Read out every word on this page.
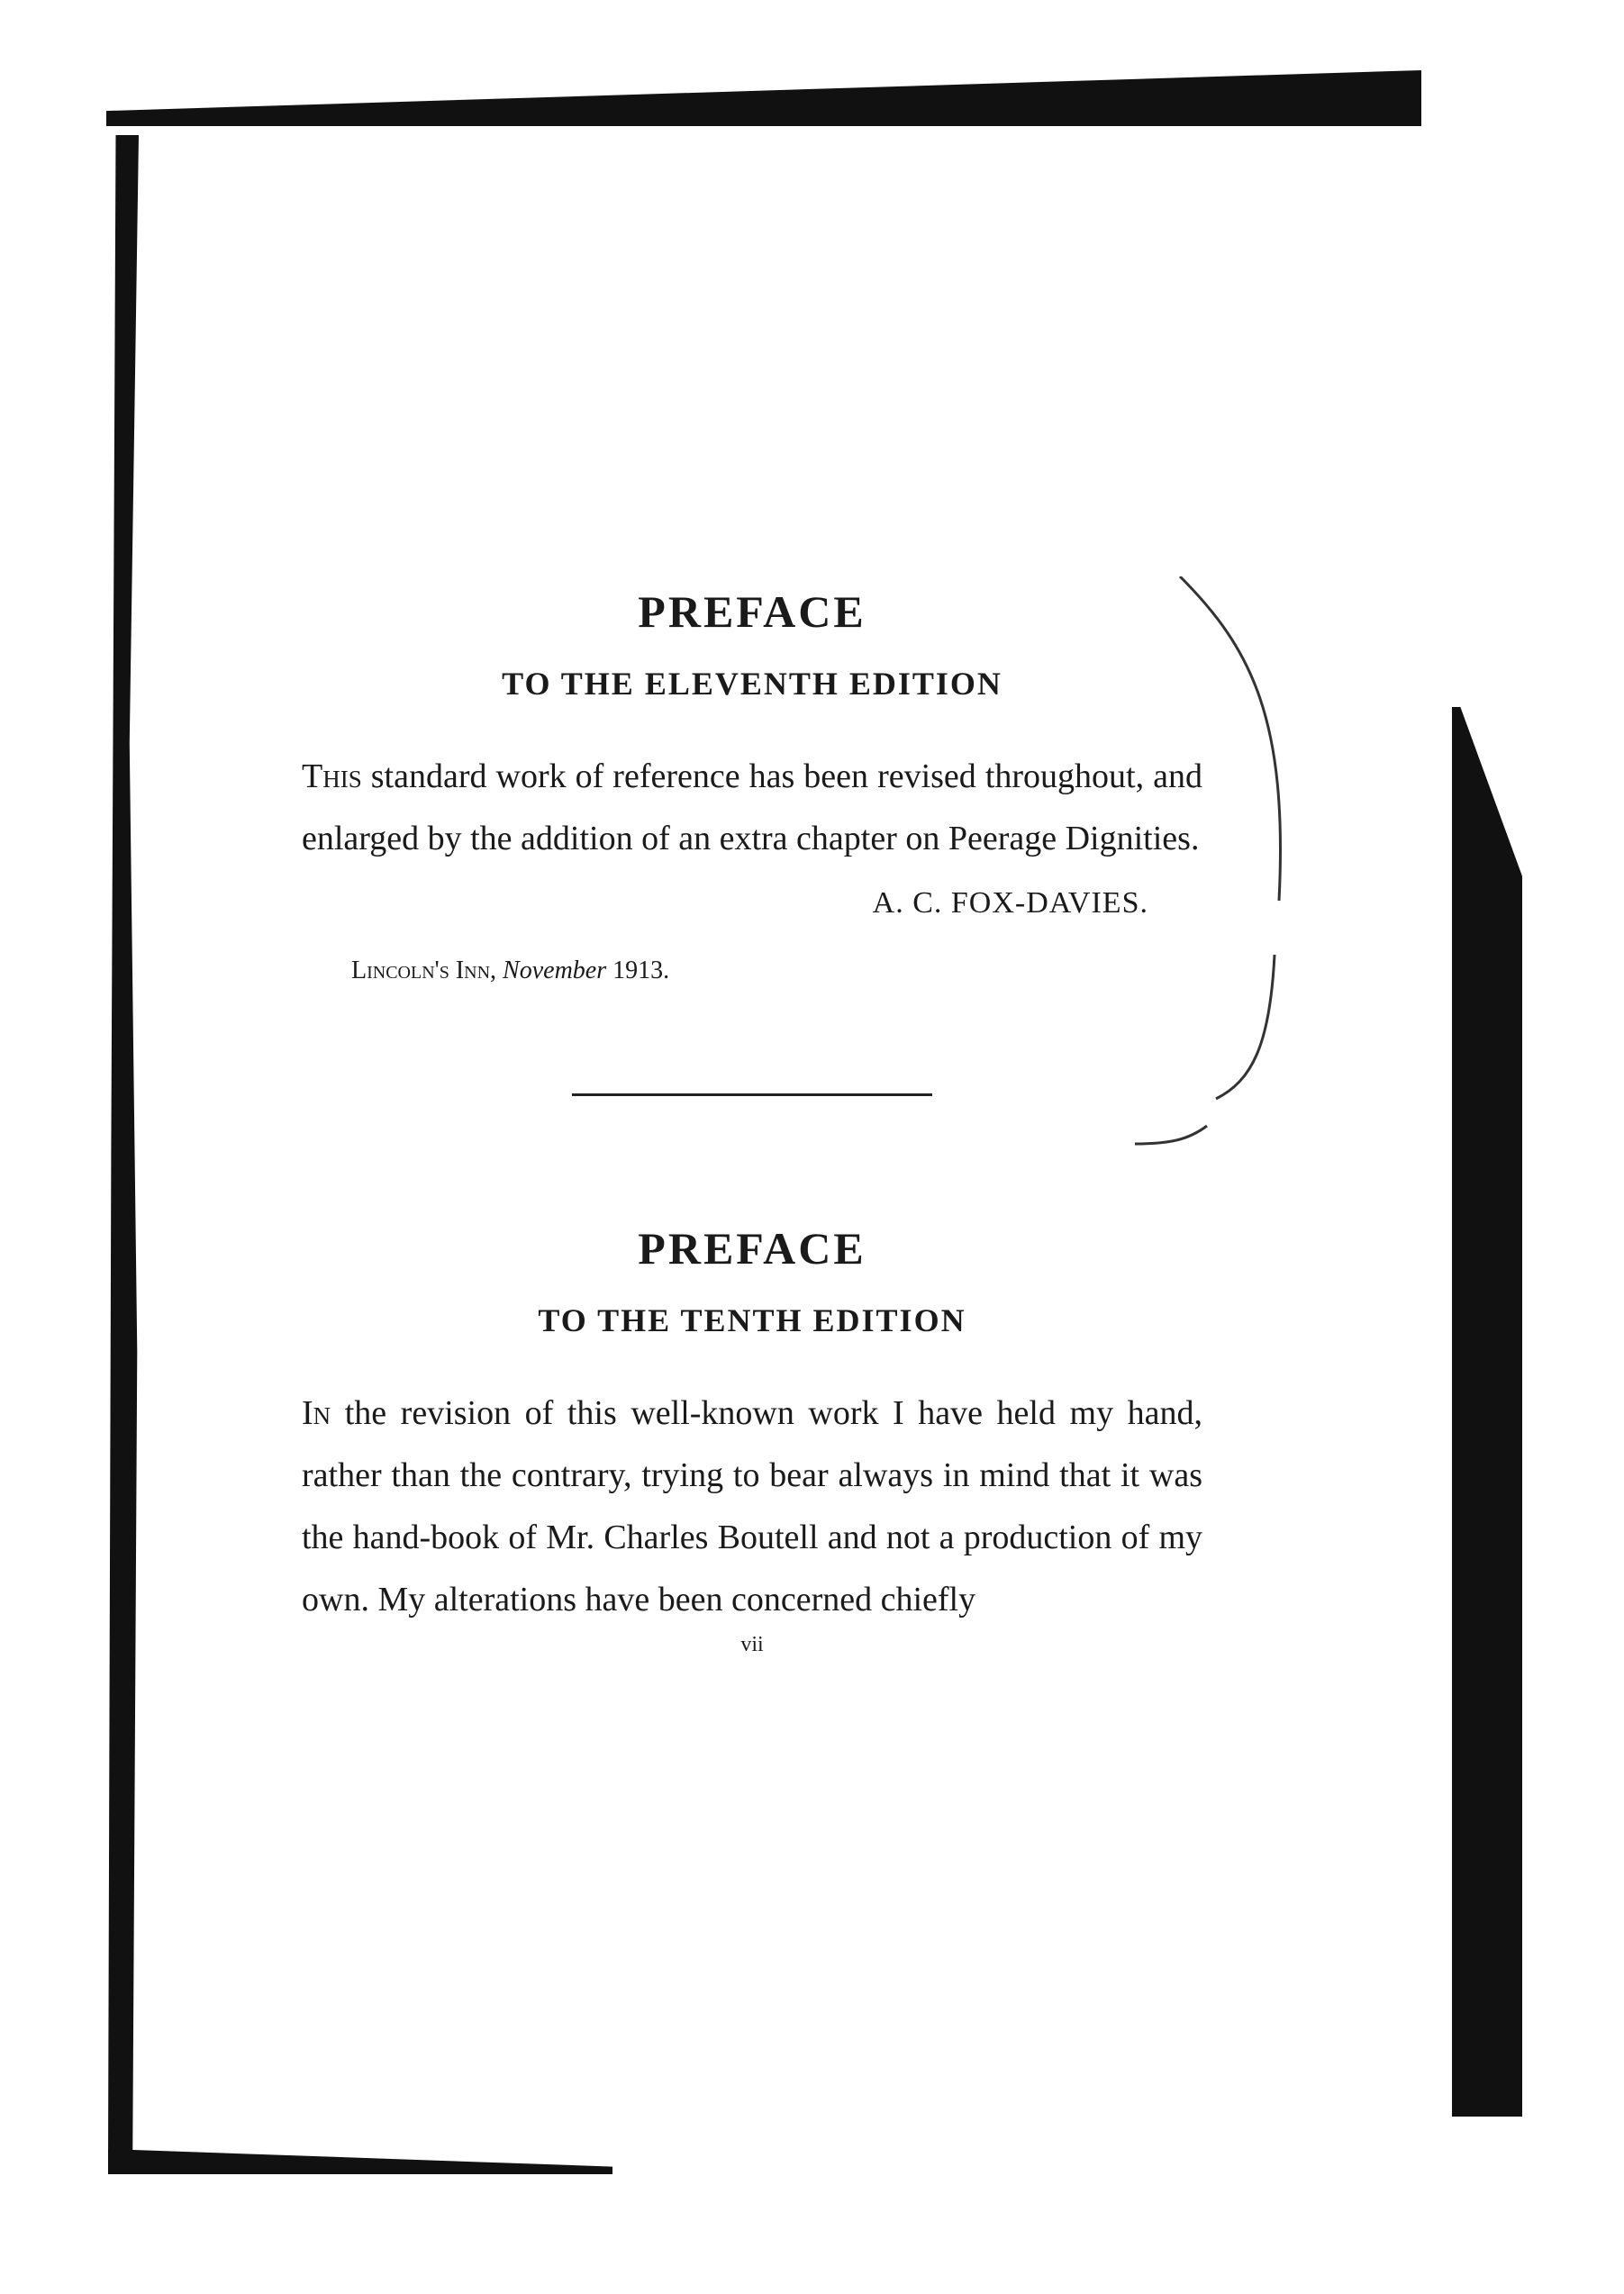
PREFACE
TO THE ELEVENTH EDITION

This standard work of reference has been revised throughout, and enlarged by the addition of an extra chapter on Peerage Dignities.

A. C. FOX-DAVIES.
Lincoln's Inn, November 1913.
PREFACE
TO THE TENTH EDITION

In the revision of this well-known work I have held my hand, rather than the contrary, trying to bear always in mind that it was the hand-book of Mr. Charles Boutell and not a production of my own. My alterations have been concerned chiefly

vii
